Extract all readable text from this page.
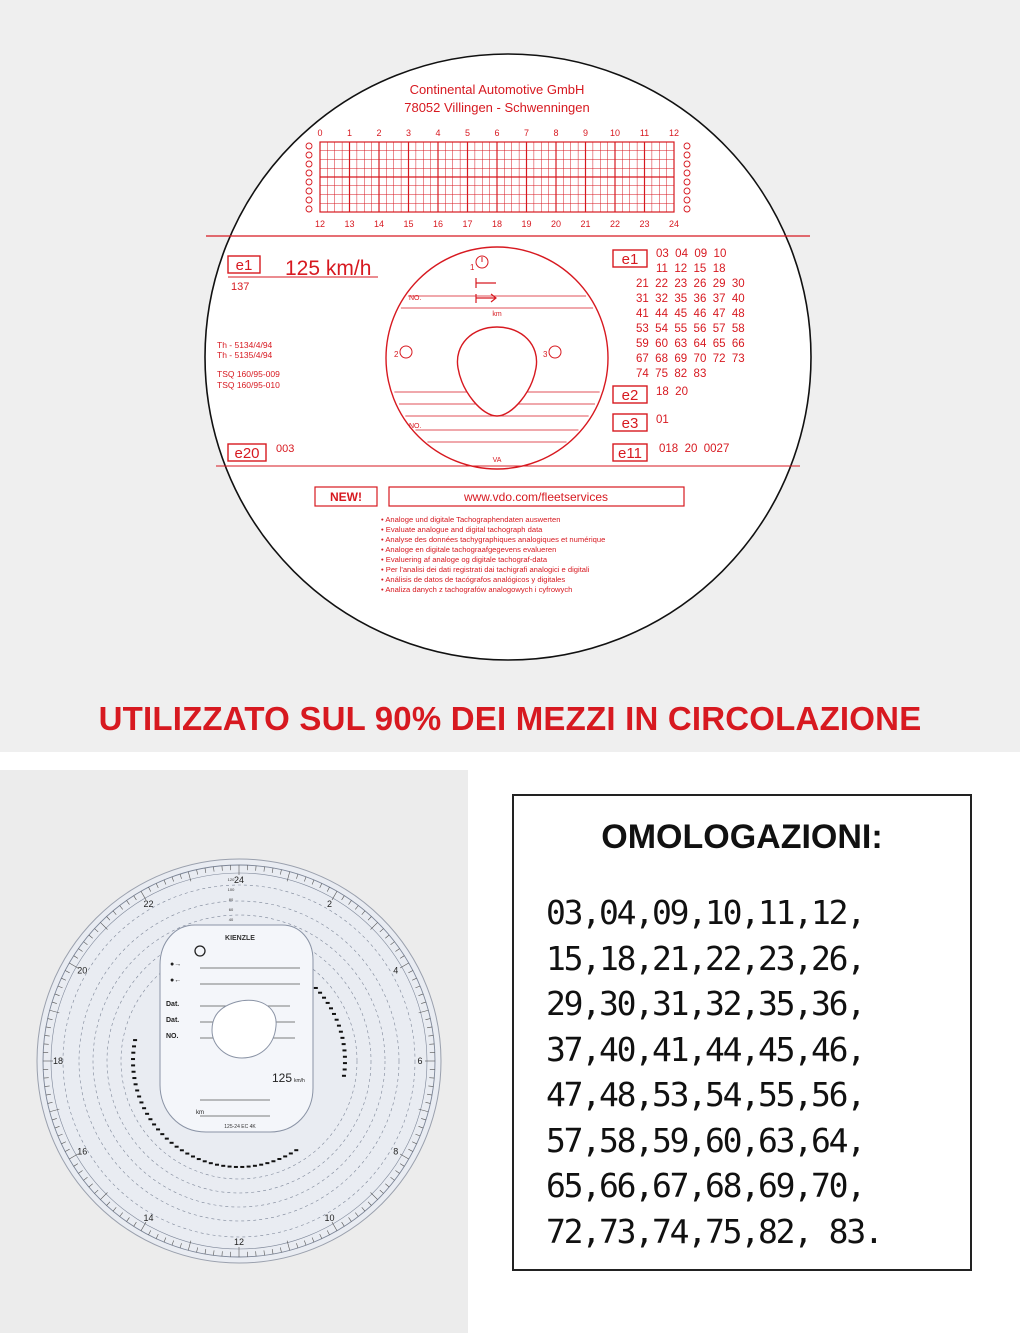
Continental Automotive GmbH
78052 Villingen - Schwenningen
0	1	2	3	4	5	6	7	8	9 10 11 12
12 13 14 15 16 17 18 19 20 21 22 23 24
e1
137
125 km/h
Th - 5134/4/94
Th - 5135/4/94
TSQ 160/95-009
TSQ 160/95-010
e20 003
e1 03  04  09  10
11  12  15  18
21  22  23  26  29  30
31  32  35  36  37  40
41  44  45  46  47  48
53  54  55  56  57  58
59  60  63  64  65  66
67  68  69  70  72  73
74  75  82  83
e2 18  20
e3 01
e11 018  20  0027
NO.
NO.
km
VA
1
2	3
NEW!	www.vdo.com/fleetservices
• Analoge und digitale Tachographendaten auswerten
• Evaluate analogue and digital tachograph data
• Analyse des données tachygraphiques analogiques et numérique
• Analoge en digitale tachograafgegevens evalueren
• Evaluering af analoge og digitale tachograf-data
• Per l'analisi dei dati registrati dai tachigrafi analogici e digitali
• Análisis de datos de tacógrafos analógicos y digitales
• Analiza danych z tachografów analogowych i cyfrowych
UTILIZZATO SUL 90% DEI MEZZI IN CIRCOLAZIONE
24
2
4
6
8
10
12
14
16
18
20
22
40
60
80
100
120
KIENZLE
●→
●←
Dat.
Dat.
NO.
125 km/h
km
125-24 EC 4K
OMOLOGAZIONI:
03,04,09,10,11,12,
15,18,21,22,23,26,
29,30,31,32,35,36,
37,40,41,44,45,46,
47,48,53,54,55,56,
57,58,59,60,63,64,
65,66,67,68,69,70,
72,73,74,75,82, 83.
